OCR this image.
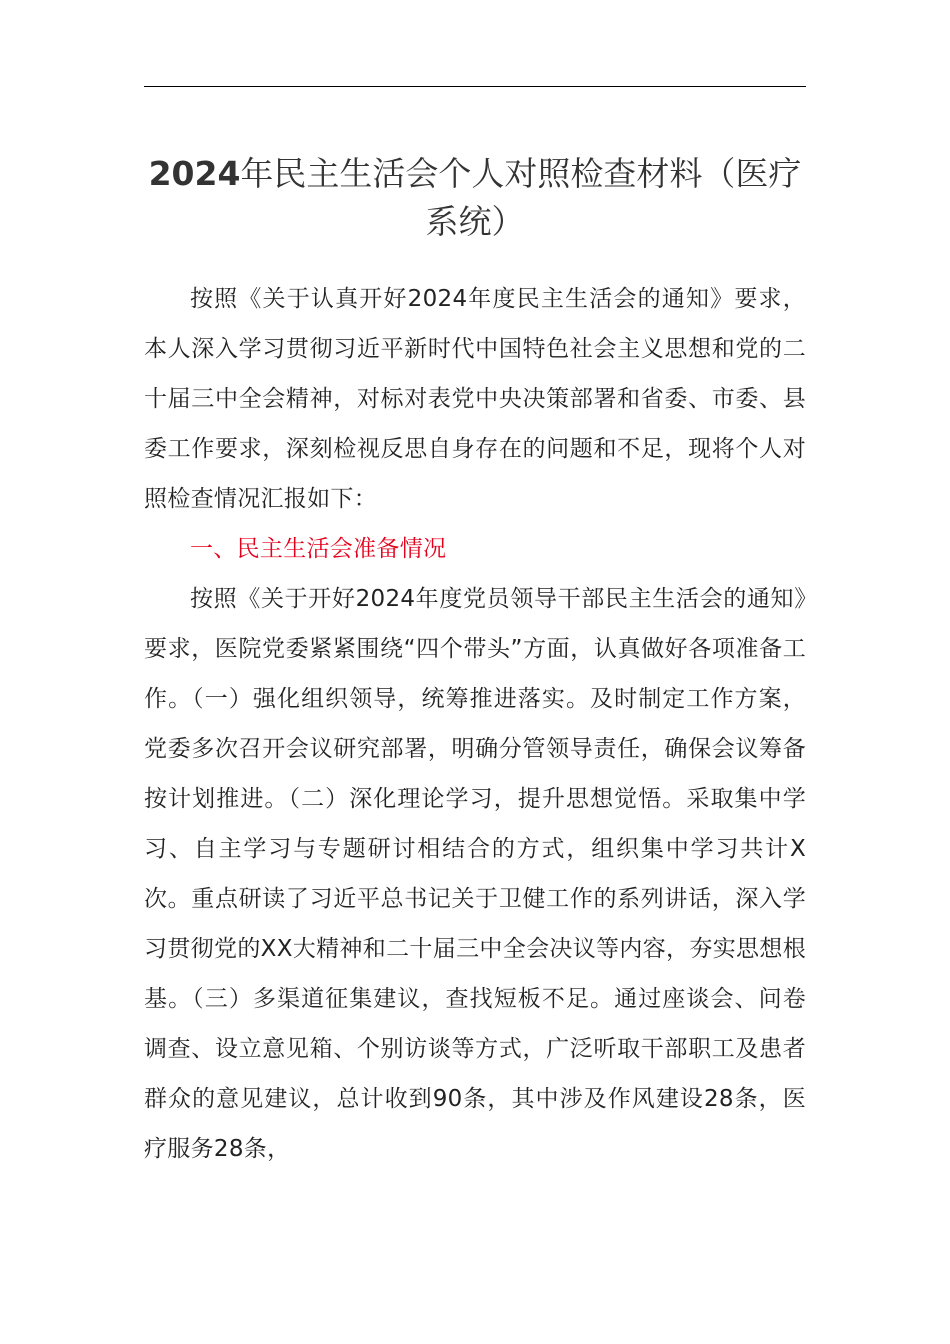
2024年民主生活会个人对照检查材料（医疗系统）

按照《关于认真开好2024年度民主生活会的通知》要求，本人深入学习贯彻习近平新时代中国特色社会主义思想和党的二十届三中全会精神，对标对表党中央决策部署和省委、市委、县委工作要求，深刻检视反思自身存在的问题和不足，现将个人对照检查情况汇报如下：

一、民主生活会准备情况

按照《关于开好2024年度党员领导干部民主生活会的通知》要求，医院党委紧紧围绕“四个带头”方面，认真做好各项准备工作。（一）强化组织领导，统筹推进落实。及时制定工作方案，党委多次召开会议研究部署，明确分管领导责任，确保会议筹备按计划推进。（二）深化理论学习，提升思想觉悟。采取集中学习、自主学习与专题研讨相结合的方式，组织集中学习共计X次。重点研读了习近平总书记关于卫健工作的系列讲话，深入学习贯彻党的XX大精神和二十届三中全会决议等内容，夯实思想根基。（三）多渠道征集建议，查找短板不足。通过座谈会、问卷调查、设立意见箱、个别访谈等方式，广泛听取干部职工及患者群众的意见建议，总计收到90条，其中涉及作风建设28条，医疗服务28条，
